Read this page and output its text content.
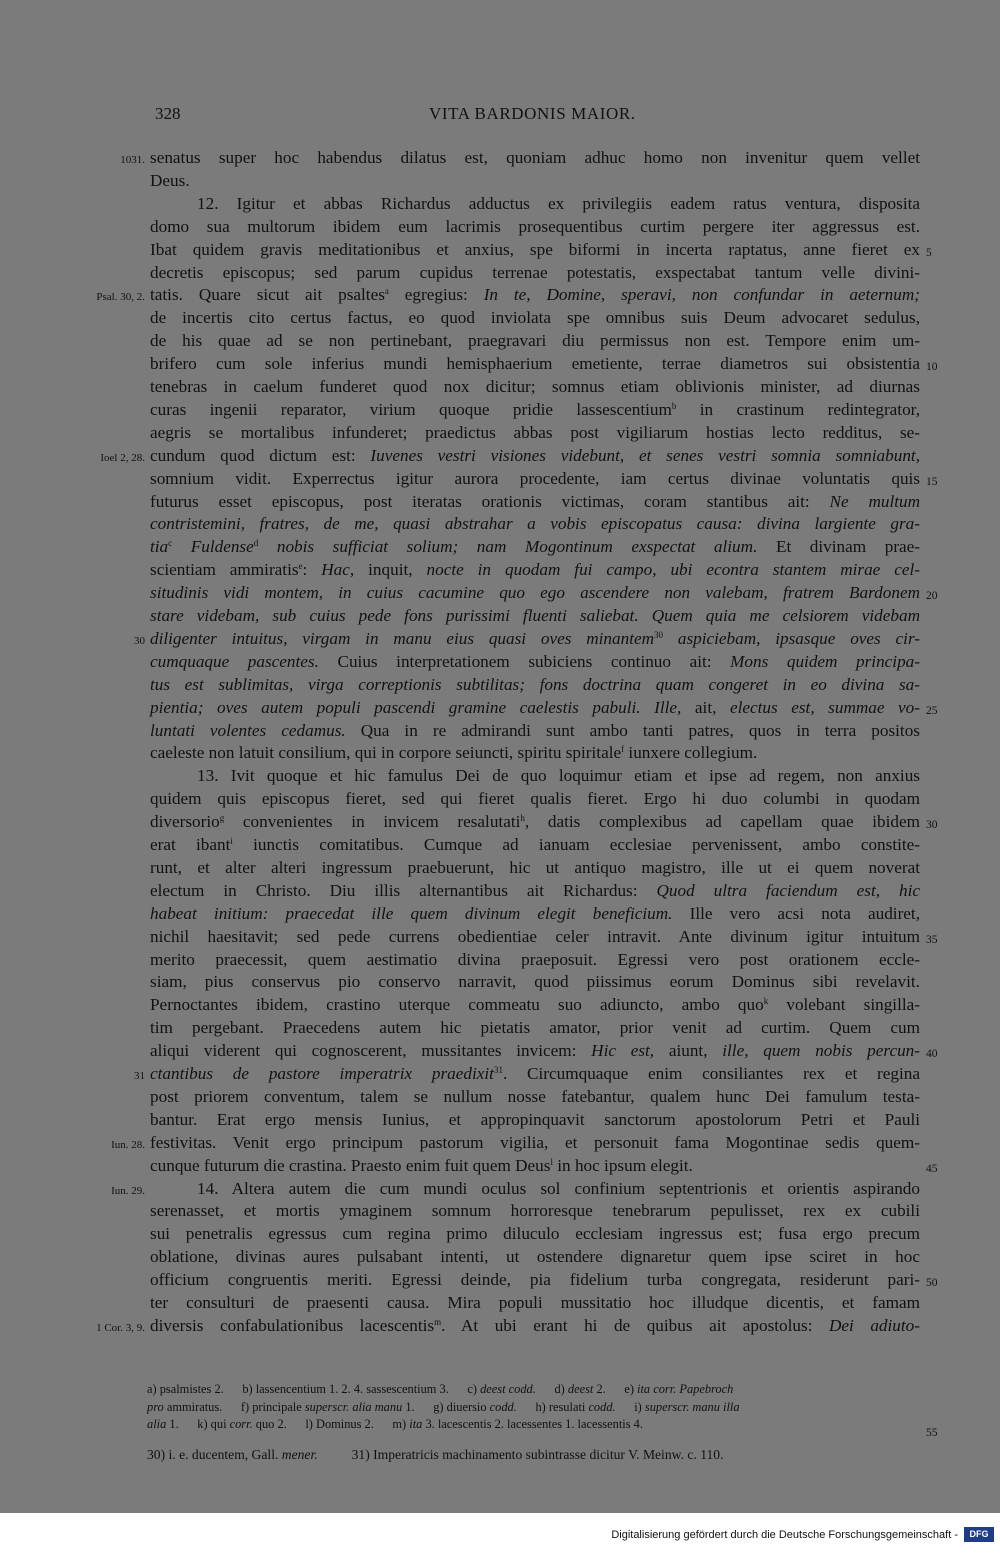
328	VITA BARDONIS MAIOR.
1031. senatus super hoc habendus dilatus est, quoniam adhuc homo non invenitur quem vellet
Deus.
12. Igitur et abbas Richardus adductus ex privilegiis eadem ratus ventura, disposita
domo sua multorum ibidem eum lacrimis prosequentibus curtim pergere iter aggressus est.
Ibat quidem gravis meditationibus et anxius, spe biformi in incerta raptatus, anne fieret ex 5
decretis episcopus; sed parum cupidus terrenae potestatis, exspectabat tantum velle divini-
Psal. 30, 2. tatis. Quare sicut ait psaltes$^a$ egregius: In te, Domine, speravi, non confundar in aeternum;
de incertis cito certus factus, eo quod inviolata spe omnibus suis Deum advocaret sedulus,
de his quae ad se non pertinebant, praegravari diu permissus non est. Tempore enim um-
brifero cum sole inferius mundi hemisphaerium emetiente, terrae diametros sui obsistentia 10
tenebras in caelum funderet quod nox dicitur; somnus etiam oblivionis minister, ad diurnas
curas ingenii reparator, virium quoque pridie lassescentium$^b$ in crastinum redintegrator,
aegris se mortalibus infunderet; praedictus abbas post vigiliarum hostias lecto redditus, se-
Ioel 2, 28. cundum quod dictum est: Iuvenes vestri visiones videbunt, et senes vestri somnia somniabunt,
somnium vidit. Experrectus igitur aurora procedente, iam certus divinae voluntatis quis 15
futurus esset episcopus, post iteratas orationis victimas, coram stantibus ait: Ne multum
contristemini, fratres, de me, quasi abstrahar a vobis episcopatus causa: divina largiente gra-
tia$^c$ Fuldense$^d$ nobis sufficiat solium; nam Mogontinum exspectat alium. Et divinam prae-
scientiam ammiratis$^e$: Hac, inquit, nocte in quodam fui campo, ubi econtra stantem mirae cel-
situdinis vidi montem, in cuius cacumine quo ego ascendere non valebam, fratrem Bardonem 20
stare videbam, sub cuius pede fons purissimi fluenti saliebat. Quem quia me celsiorem videbam
30 diligenter intuitus, virgam in manu eius quasi oves minantem$^{30}$ aspiciebam, ipsasque oves cir-
cumquaque pascentes. Cuius interpretationem subiciens continuo ait: Mons quidem principa-
tus est sublimitas, virga correptionis subtilitas; fons doctrina quam congeret in eo divina sa-
pientia; oves autem populi pascendi gramine caelestis pabuli. Ille, ait, electus est, summae vo- 25
luntati volentes cedamus. Qua in re admirandi sunt ambo tanti patres, quos in terra positos
caeleste non latuit consilium, qui in corpore seiuncti, spiritu spiritale$^f$ iunxere collegium.
13. Ivit quoque et hic famulus Dei de quo loquimur etiam et ipse ad regem, non anxius
quidem quis episcopus fieret, sed qui fieret qualis fieret. Ergo hi duo columbi in quodam
diversorio$^g$ convenientes in invicem resalutati$^h$, datis complexibus ad capellam quae ibidem 30
erat ibant$^i$ iunctis comitatibus. Cumque ad ianuam ecclesiae pervenissent, ambo constite-
runt, et alter alteri ingressum praebuerunt, hic ut antiquo magistro, ille ut ei quem noverat
electum in Christo. Diu illis alternantibus ait Richardus: Quod ultra faciendum est, hic
habeat initium: praecedat ille quem divinum elegit beneficium. Ille vero acsi nota audiret,
nichil haesitavit; sed pede currens obedientiae celer intravit. Ante divinum igitur intuitum 35
merito praecessit, quem aestimatio divina praeposuit. Egressi vero post orationem eccle-
siam, pius conservus pio conservo narravit, quod piissimus eorum Dominus sibi revelavit.
Pernoctantes ibidem, crastino uterque commeatu suo adiuncto, ambo quo$^k$ volebant singilla-
tim pergebant. Praecedens autem hic pietatis amator, prior venit ad curtim. Quem cum
aliqui viderent qui cognoscerent, mussitantes invicem: Hic est, aiunt, ille, quem nobis percun- 40
31 ctantibus de pastore imperatrix praedixit$^{31}$. Circumquaque enim consiliantes rex et regina
post priorem conventum, talem se nullum nosse fatebantur, qualem hunc Dei famulum testa-
bantur. Erat ergo mensis Iunius, et appropinquavit sanctorum apostolorum Petri et Pauli
Iun. 28. festivitas. Venit ergo principum pastorum vigilia, et personuit fama Mogontinae sedis quem-
cunque futurum die crastina. Praesto enim fuit quem Deus$^l$ in hoc ipsum elegit.	45
Iun. 29.	14. Altera autem die cum mundi oculus sol confinium septentrionis et orientis aspirando
serenasset, et mortis ymaginem somnum horroresque tenebrarum pepulisset, rex ex cubili
sui penetralis egressus cum regina primo diluculo ecclesiam ingressus est; fusa ergo precum
oblatione, divinas aures pulsabant intenti, ut ostendere dignaretur quem ipse sciret in hoc
officium congruentis meriti. Egressi deinde, pia fidelium turba congregata, residerunt pari- 50
ter consulturi de praesenti causa. Mira populi mussitatio hoc illudque dicentis, et famam
1 Cor. 3, 9. diversis confabulationibus lacescentis$^m$. At ubi erant hi de quibus ait apostolus: Dei adiuto-
a) psalmistes 2.      b) lassencentium 1. 2. 4. sassescentium 3.      c) deest codd.      d) deest 2.      e) ita corr. Papebroch
pro ammiratus.      f) principale superscr. alia manu 1.      g) diuersio codd.      h) resulati codd.      i) superscr. manu illa
alia 1.      k) qui corr. quo 2.      l) Dominus 2.      m) ita 3. lacescentis 2. lacessentes 1. lacessentis 4.
55
30) i. e. ducentem, Gall. mener.          31) Imperatricis machinamento subintrasse dicitur V. Meinw. c. 110.
Digitalisierung gefördert durch die Deutsche Forschungsgemeinschaft -	DFG
